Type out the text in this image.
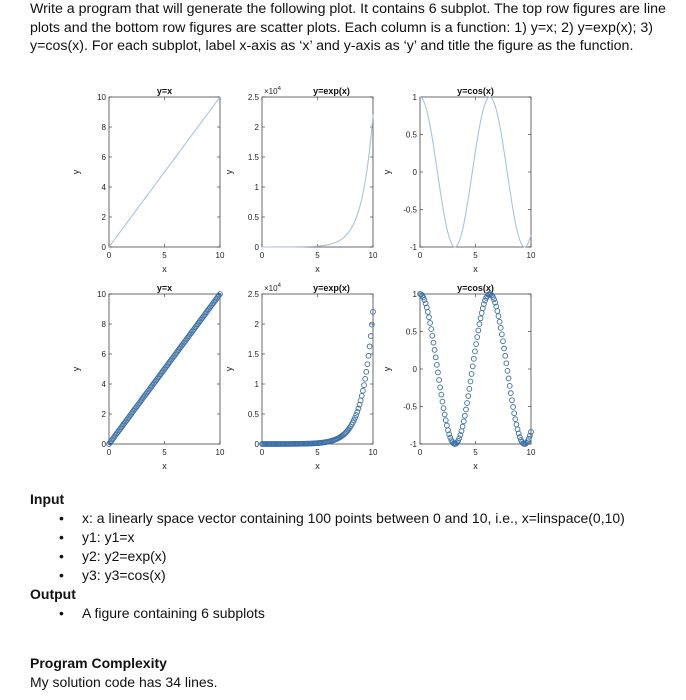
Write a program that will generate the following plot. It contains 6 subplot. The top row figures are line plots and the bottom row figures are scatter plots. Each column is a function: 1) y=x; 2) y=exp(x); 3) y=cos(x). For each subplot, label x-axis as ‘x’ and y-axis as ‘y’ and title the figure as the function.

0	5	10
0
2
4
6
8
10
x
y
y=x
0	5	10
0
0.5
1
1.5
2
2.5
x
y
y=exp(x)
$\times 10^4$
0	5	10
-1
-0.5
0
0.5
1
x
y
y=cos(x)
0	5	10
0
2
4
6
8
10
x
y
y=x
0	5	10
0
0.5
1
1.5
2
2.5
x
y
y=exp(x)
$\times 10^4$
0	5	10
-1
-0.5
0
0.5
1
x
y
y=cos(x)

Input

• x: a linearly space vector containing 100 points between 0 and 10, i.e., x=linspace(0,10)
• y1: y1=x
• y2: y2=exp(x)
• y3: y3=cos(x)

Output

• A figure containing 6 subplots

Program Complexity

My solution code has 34 lines.
